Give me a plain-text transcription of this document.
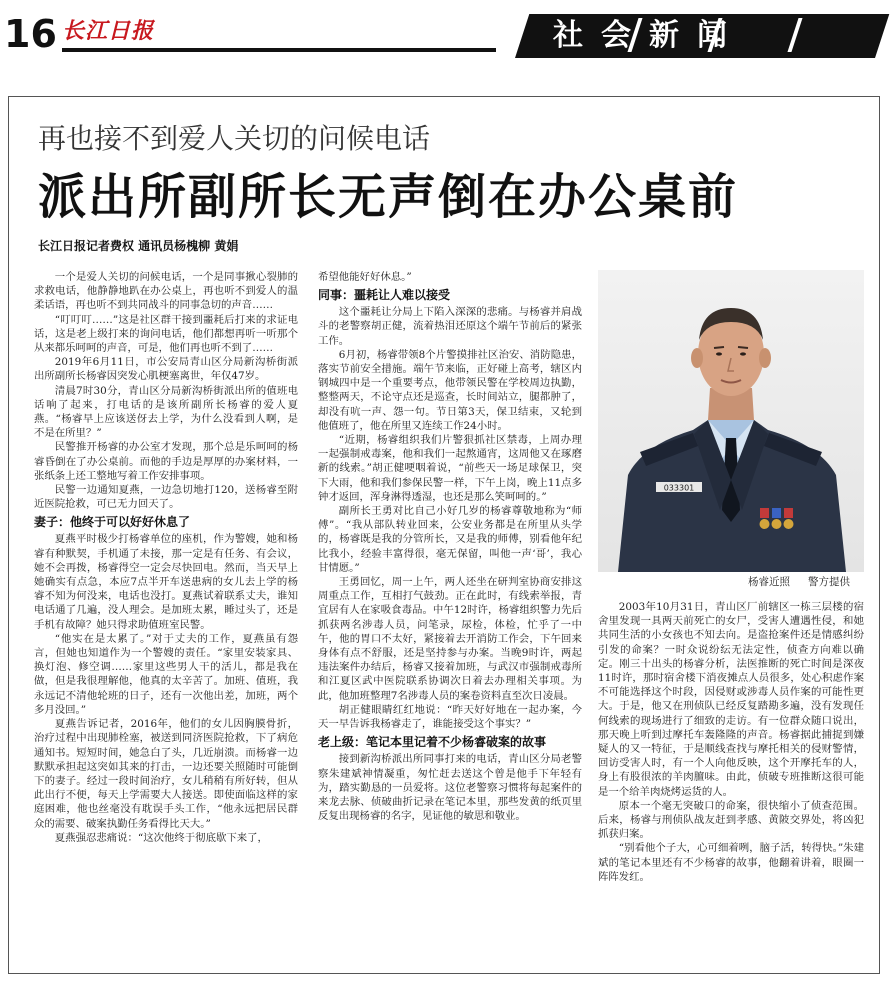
16 长江日报	社会新闻
再也接不到爱人关切的问候电话
派出所副所长无声倒在办公桌前
长江日报记者费权 通讯员杨槐柳 黄娟

一个是爱人关切的问候电话，一个是同事揪心裂肺的求救电话，他静静地趴在办公桌上，再也听不到爱人的温柔话语，再也听不到共同战斗的同事急切的声音……

“叮叮叮……”这是社区群干接到噩耗后打来的求证电话，这是老上级打来的询问电话，他们都想再听一听那个从来都乐呵呵的声音，可是，他们再也听不到了……

2019年6月11日，市公安局青山区分局新沟桥街派出所副所长杨睿因突发心肌梗塞离世，年仅47岁。

清晨7时30分，青山区分局新沟桥街派出所的值班电话响了起来，打电话的是该所副所长杨睿的爱人夏燕。“杨睿早上应该送伢去上学，为什么没看到人啊，是不是在所里？”

民警推开杨睿的办公室才发现，那个总是乐呵呵的杨睿昏倒在了办公桌前。而他的手边是厚厚的办案材料，一张纸条上还工整地写着工作安排事项。

民警一边通知夏燕，一边急切地打120，送杨睿至附近医院抢救，可已无力回天了。

妻子：他终于可以好好休息了

夏燕平时极少打杨睿单位的座机，作为警嫂，她和杨睿有种默契，手机通了未接，那一定是有任务、有会议，她不会再拨，杨睿得空一定会尽快回电。然而，当天早上她确实有点急，本应7点半开车送患病的女儿去上学的杨睿不知为何没来，电话也没打。夏燕试着联系丈夫，谁知电话通了几遍，没人理会。是加班太累，睡过头了，还是手机有故障？她只得求助值班室民警。

“他实在是太累了。”对于丈夫的工作，夏燕虽有怨言，但她也知道作为一个警嫂的责任。“家里安装家具、换灯泡、修空调……家里这些男人干的活儿，都是我在做，但是我很理解他，他真的太辛苦了。加班、值班，我永远记不清他轮班的日子，还有一次他出差，加班，两个多月没回。”

夏燕告诉记者，2016年，他们的女儿因胸膜骨折，治疗过程中出现肺栓塞，被送到同济医院抢救，下了病危通知书。短短时间，她急白了头，几近崩溃。而杨睿一边默默承担起这突如其来的打击，一边还要关照随时可能倒下的妻子。经过一段时间治疗，女儿稍稍有所好转，但从此出行不便，每天上学需要大人接送。即使面临这样的家庭困难，他也丝毫没有耽误手头工作，“他永远把居民群众的需要、破案执勤任务看得比天大。”

夏燕强忍悲痛说：“这次他终于彻底歇下来了，

希望他能好好休息。”

同事：噩耗让人难以接受

这个噩耗让分局上下陷入深深的悲痛。与杨睿并肩战斗的老警察胡正健，流着热泪还原这个端午节前后的紧张工作。

6月初，杨睿带领8个片警摸排社区治安、消防隐患，落实节前安全措施。端午节来临，正好碰上高考，辖区内钢城四中是一个重要考点，他带领民警在学校周边执勤，整整两天，不论守点还是巡查，长时间站立，腿都肿了，却没有吭一声、怨一句。节日第3天，保卫结束，又轮到他值班了，他在所里又连续工作24小时。

“近期，杨睿组织我们片警狠抓社区禁毒，上周办理一起强制戒毒案，他和我们一起熬通宵，这周他又在琢磨新的线索。”胡正健哽咽着说，“前些天一场足球保卫，突下大雨，他和我们参保民警一样，下午上岗，晚上11点多钟才返回，浑身淋得透湿，也还是那么笑呵呵的。”

副所长王勇对比自己小好几岁的杨睿尊敬地称为“师傅”。“我从部队转业回来，公安业务都是在所里从头学的，杨睿既是我的分管所长，又是我的师傅，别看他年纪比我小，经验丰富得很，毫无保留，叫他一声‘哥’，我心甘情愿。”

王勇回忆，周一上午，两人还坐在研判室协商安排这周重点工作，互相打气鼓劲。正在此时，有线索举报，青宜居有人在家吸食毒品。中午12时许，杨睿组织警力先后抓获两名涉毒人员，问笔录，尿检，体检，忙乎了一中午，他的胃口不太好，紧接着去开消防工作会，下午回来身体有点不舒服，还是坚持参与办案。当晚9时许，两起违法案件办结后，杨睿又接着加班，与武汉市强制戒毒所和江夏区武中医院联系协调次日着去办理相关事项。为此，他加班整理7名涉毒人员的案卷资料直至次日凌晨。

胡正健眼睛红红地说：“昨天好好地在一起办案，今天一早告诉我杨睿走了，谁能接受这个事实？”

老上级：笔记本里记着不少杨睿破案的故事

接到新沟桥派出所同事打来的电话，青山区分局老警察朱建斌神情凝重，匆忙赶去送这个曾是他手下年轻有为，踏实勤恳的一员爱将。这位老警察习惯将每起案件的来龙去脉、侦破曲折记录在笔记本里，那些发黄的纸页里反复出现杨睿的名字，见证他的敏思和敬业。

033301
杨睿近照 警方提供

2003年10月31日，青山区厂前辖区一栋三层楼的宿舍里发现一具两天前死亡的女尸，受害人遭遇性侵，和她共同生活的小女孩也不知去向。是盗抢案件还是情感纠纷引发的命案？一时众说纷纭无法定性，侦查方向难以确定。刚三十出头的杨睿分析，法医推断的死亡时间是深夜11时许，那时宿舍楼下消夜摊点人员很多，处心积虑作案不可能选择这个时段，因侵财或涉毒人员作案的可能性更大。于是，他又在刑侦队已经反复踏勘多遍，没有发现任何线索的现场进行了细致的走访。有一位群众随口说出，那天晚上听到过摩托车轰隆隆的声音。杨睿据此捕捉到嫌疑人的又一特征，于是顺线查找与摩托相关的侵财警情，回访受害人时，有一个人向他反映，这个开摩托车的人，身上有股很浓的羊肉膻味。由此，侦破专班推断这很可能是一个给羊肉烧烤运货的人。

原本一个毫无突破口的命案，很快缩小了侦查范围。后来，杨睿与刑侦队战友赶到孝感、黄陂交界处，将凶犯抓获归案。

“别看他个子大，心可细着咧，脑子活，转得快。”朱建斌的笔记本里还有不少杨睿的故事，他翻着讲着，眼圈一阵阵发红。
